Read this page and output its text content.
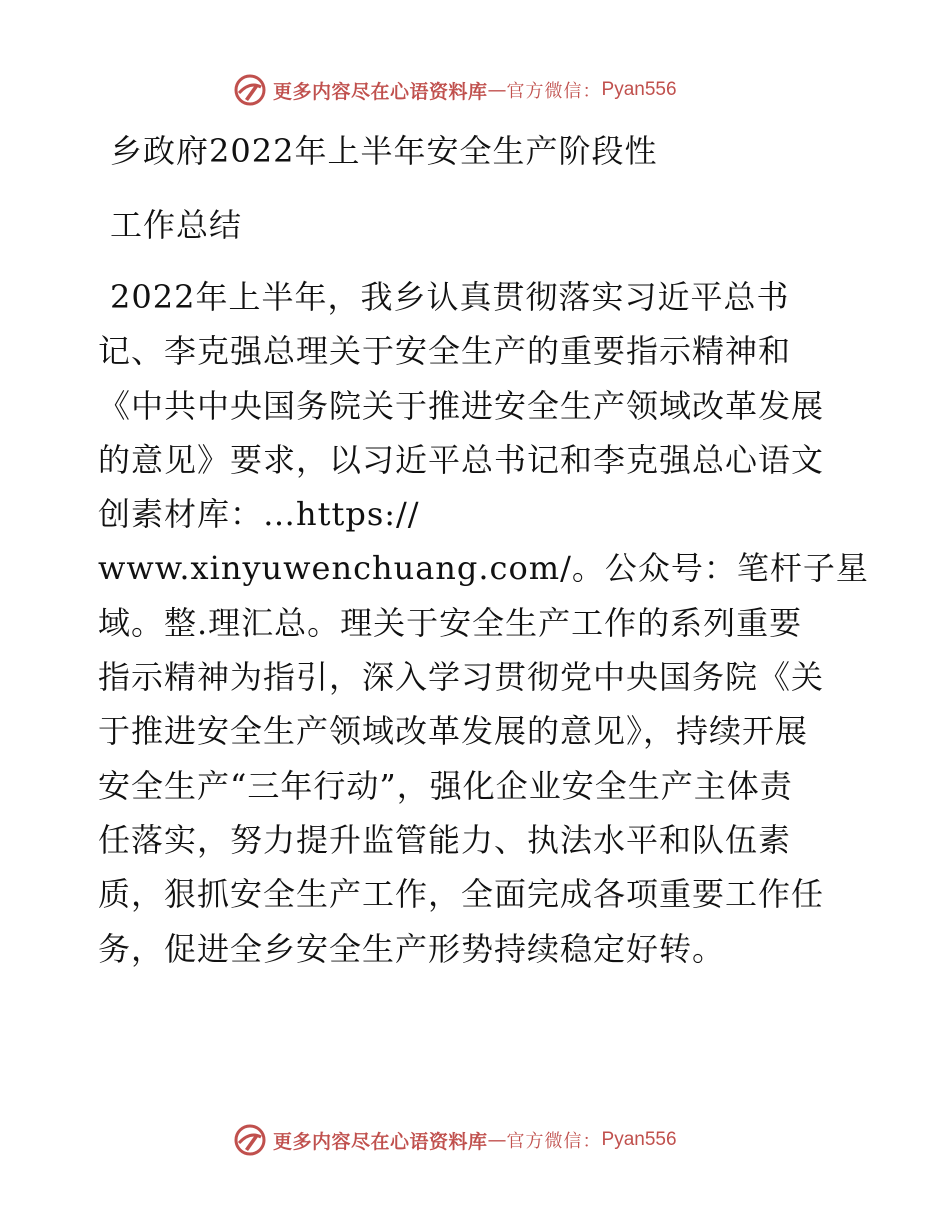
更多内容尽在心语资料库 — 官方微信： Pyan556
乡政府2022年上半年安全生产阶段性
工作总结
2022年上半年，我乡认真贯彻落实习近平总书
记、李克强总理关于安全生产的重要指示精神和
《中共中央国务院关于推进安全生产领域改革发展
的意见》要求，以习近平总书记和李克强总心语文
创素材库：…https://
www.xinyuwenchuang.com/。公众号：笔杆子星
域。整.理汇总。理关于安全生产工作的系列重要
指示精神为指引，深入学习贯彻党中央国务院《关
于推进安全生产领域改革发展的意见》，持续开展
安全生产“三年行动”，强化企业安全生产主体责
任落实，努力提升监管能力、执法水平和队伍素
质，狠抓安全生产工作，全面完成各项重要工作任
务，促进全乡安全生产形势持续稳定好转。
更多内容尽在心语资料库 — 官方微信： Pyan556
